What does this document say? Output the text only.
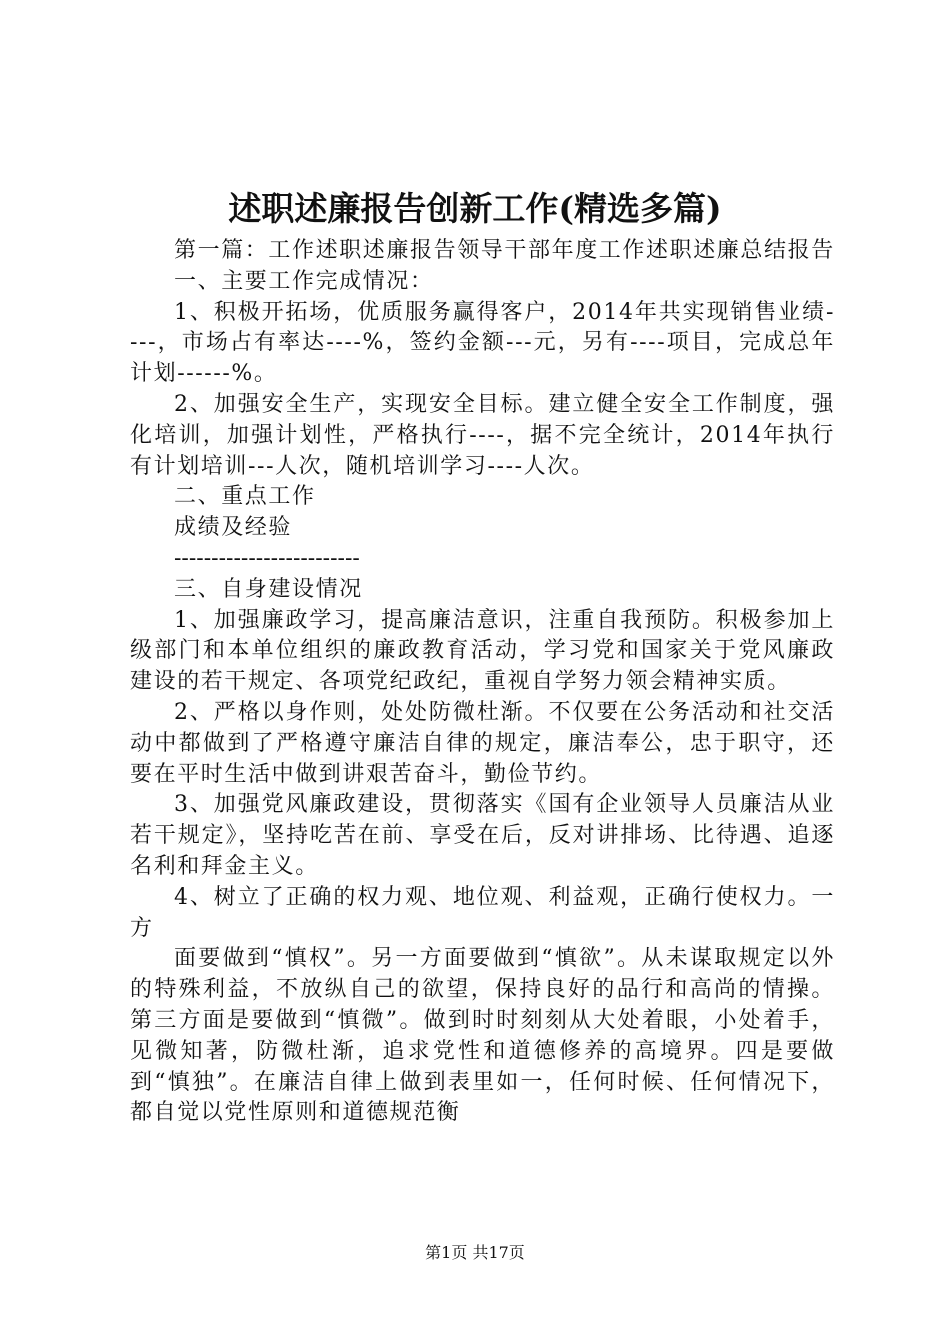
述职述廉报告创新工作(精选多篇)

第一篇：工作述职述廉报告领导干部年度工作述职述廉总结报告

一、主要工作完成情况：

1、积极开拓场，优质服务赢得客户，2014年共实现销售业绩----，市场占有率达----%，签约金额---元，另有----项目，完成总年计划------%。

2、加强安全生产，实现安全目标。建立健全安全工作制度，强化培训，加强计划性，严格执行----，据不完全统计，2014年执行有计划培训---人次，随机培训学习----人次。

二、重点工作

成绩及经验

-------------------------

三、自身建设情况

1、加强廉政学习，提高廉洁意识，注重自我预防。积极参加上级部门和本单位组织的廉政教育活动，学习党和国家关于党风廉政建设的若干规定、各项党纪政纪，重视自学努力领会精神实质。

2、严格以身作则，处处防微杜渐。不仅要在公务活动和社交活动中都做到了严格遵守廉洁自律的规定，廉洁奉公，忠于职守，还要在平时生活中做到讲艰苦奋斗，勤俭节约。

3、加强党风廉政建设，贯彻落实《国有企业领导人员廉洁从业若干规定》，坚持吃苦在前、享受在后，反对讲排场、比待遇、追逐名利和拜金主义。

4、树立了正确的权力观、地位观、利益观，正确行使权力。一方

面要做到“慎权”。另一方面要做到“慎欲”。从未谋取规定以外的特殊利益，不放纵自己的欲望，保持良好的品行和高尚的情操。第三方面是要做到“慎微”。做到时时刻刻从大处着眼，小处着手，见微知著，防微杜渐，追求党性和道德修养的高境界。四是要做到“慎独”。在廉洁自律上做到表里如一，任何时候、任何情况下，都自觉以党性原则和道德规范衡

第1页 共17页
